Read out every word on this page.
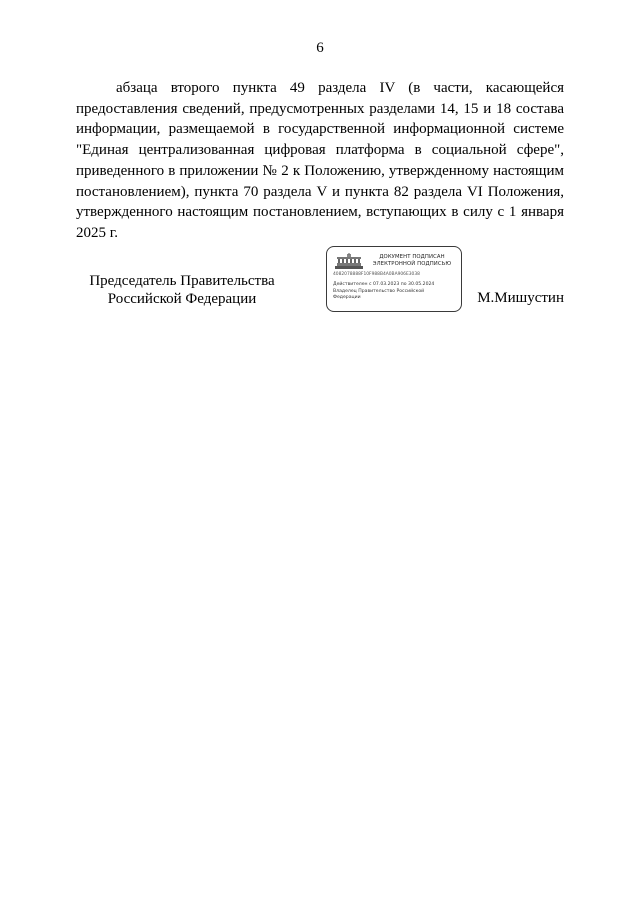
6

абзаца второго пункта 49 раздела IV (в части, касающейся предоставления сведений, предусмотренных разделами 14, 15 и 18 состава информации, размещаемой в государственной информационной системе "Единая централизованная цифровая платформа в социальной сфере", приведенного в приложении № 2 к Положению, утвержденному настоящим постановлением), пункта 70 раздела V и пункта 82 раздела VI Положения, утвержденного настоящим постановлением, вступающих в силу с 1 января 2025 г.

Председатель Правительства
Российской Федерации
ДОКУМЕНТ ПОДПИСАН
ЭЛЕКТРОННОЙ ПОДПИСЬЮ
4082078888F10F988B4A0BA906E3038
Действителен с 07.03.2023 по 30.05.2024
Владелец Правительство Российской
Федерации	М.Мишустин
